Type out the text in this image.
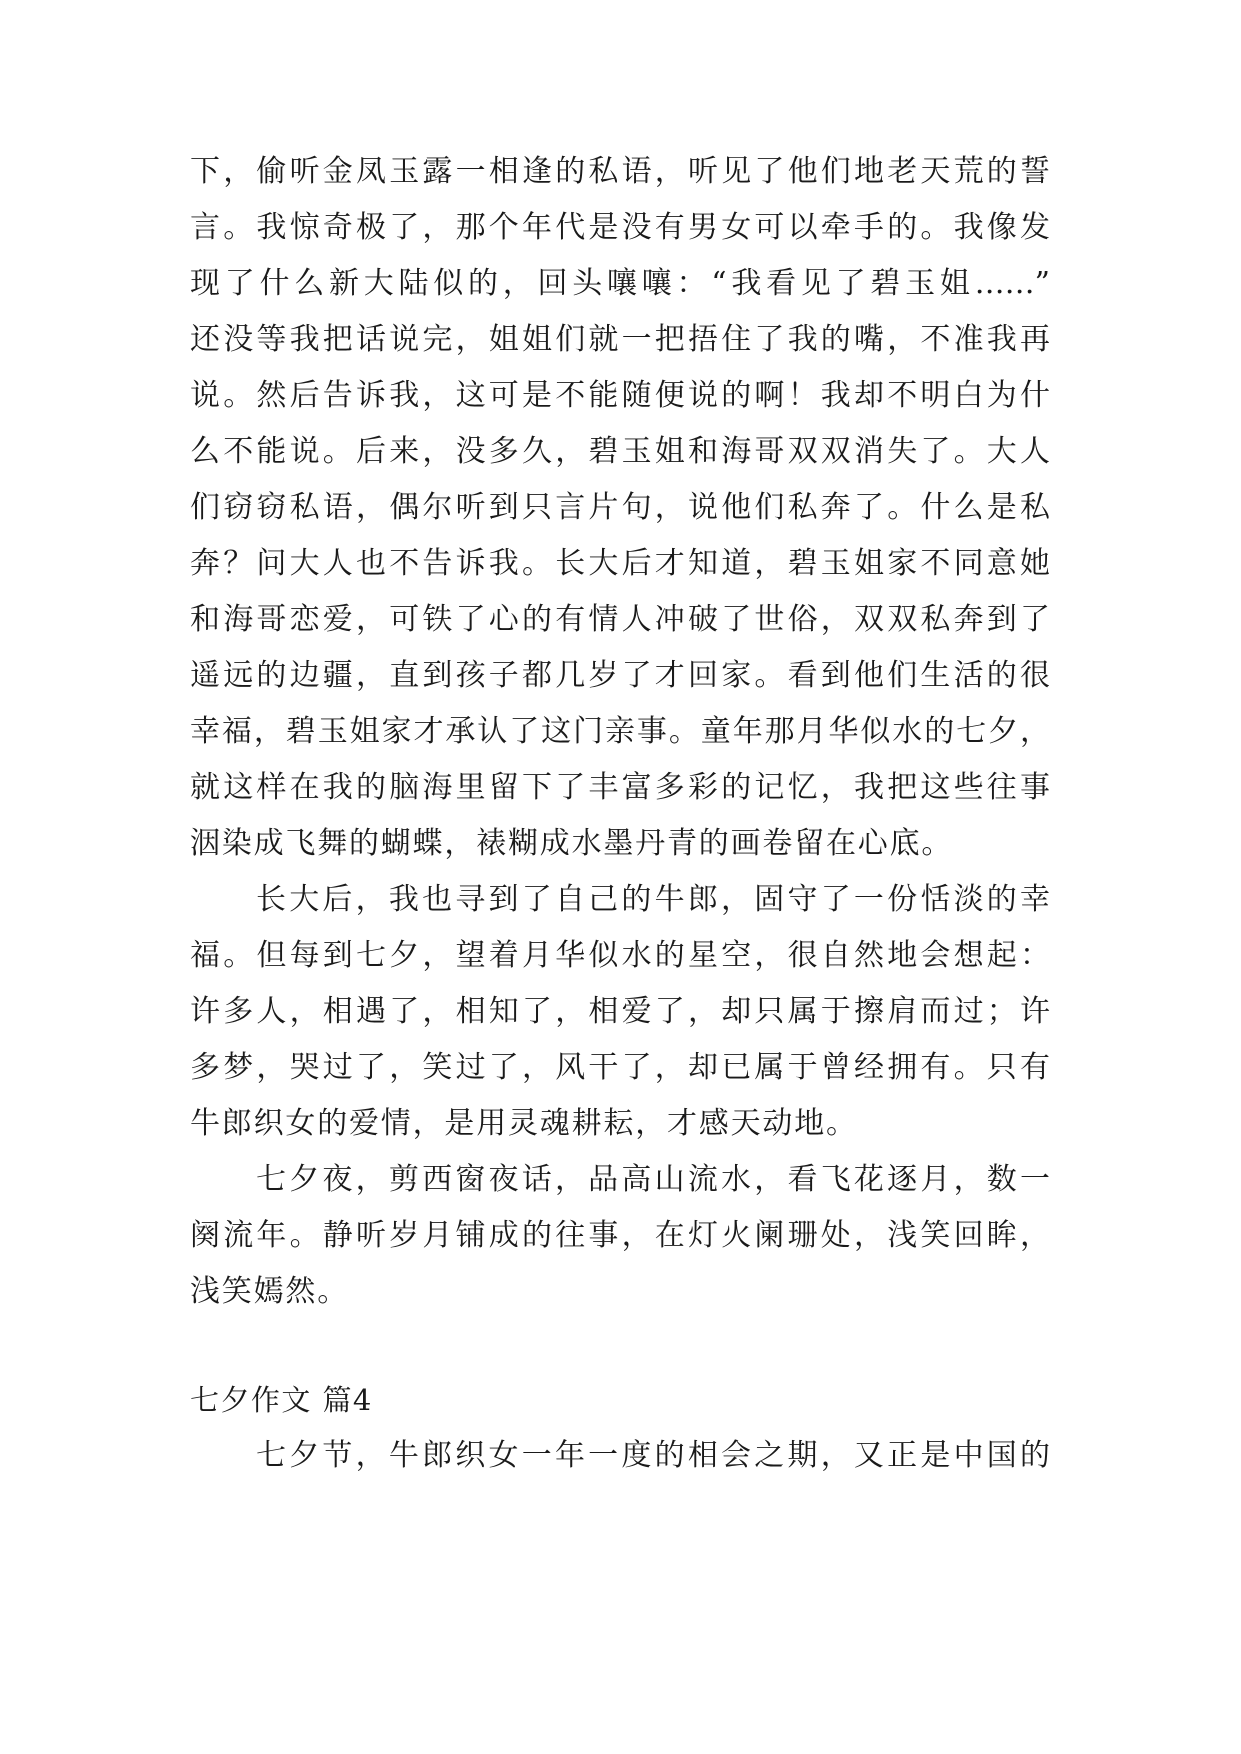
下，偷听金凤玉露一相逢的私语，听见了他们地老天荒的誓
言。我惊奇极了，那个年代是没有男女可以牵手的。我像发
现了什么新大陆似的，回头嚷嚷：“我看见了碧玉姐……”
还没等我把话说完，姐姐们就一把捂住了我的嘴，不准我再
说。然后告诉我，这可是不能随便说的啊！我却不明白为什
么不能说。后来，没多久，碧玉姐和海哥双双消失了。大人
们窃窃私语，偶尔听到只言片句，说他们私奔了。什么是私
奔？问大人也不告诉我。长大后才知道，碧玉姐家不同意她
和海哥恋爱，可铁了心的有情人冲破了世俗，双双私奔到了
遥远的边疆，直到孩子都几岁了才回家。看到他们生活的很
幸福，碧玉姐家才承认了这门亲事。童年那月华似水的七夕，
就这样在我的脑海里留下了丰富多彩的记忆，我把这些往事
洇染成飞舞的蝴蝶，裱糊成水墨丹青的画卷留在心底。
长大后，我也寻到了自己的牛郎，固守了一份恬淡的幸
福。但每到七夕，望着月华似水的星空，很自然地会想起：
许多人，相遇了，相知了，相爱了，却只属于擦肩而过；许
多梦，哭过了，笑过了，风干了，却已属于曾经拥有。只有
牛郎织女的爱情，是用灵魂耕耘，才感天动地。
七夕夜，剪西窗夜话，品高山流水，看飞花逐月，数一
阕流年。静听岁月铺成的往事，在灯火阑珊处，浅笑回眸，
浅笑嫣然。
七夕作文 篇4
七夕节，牛郎织女一年一度的相会之期，又正是中国的
